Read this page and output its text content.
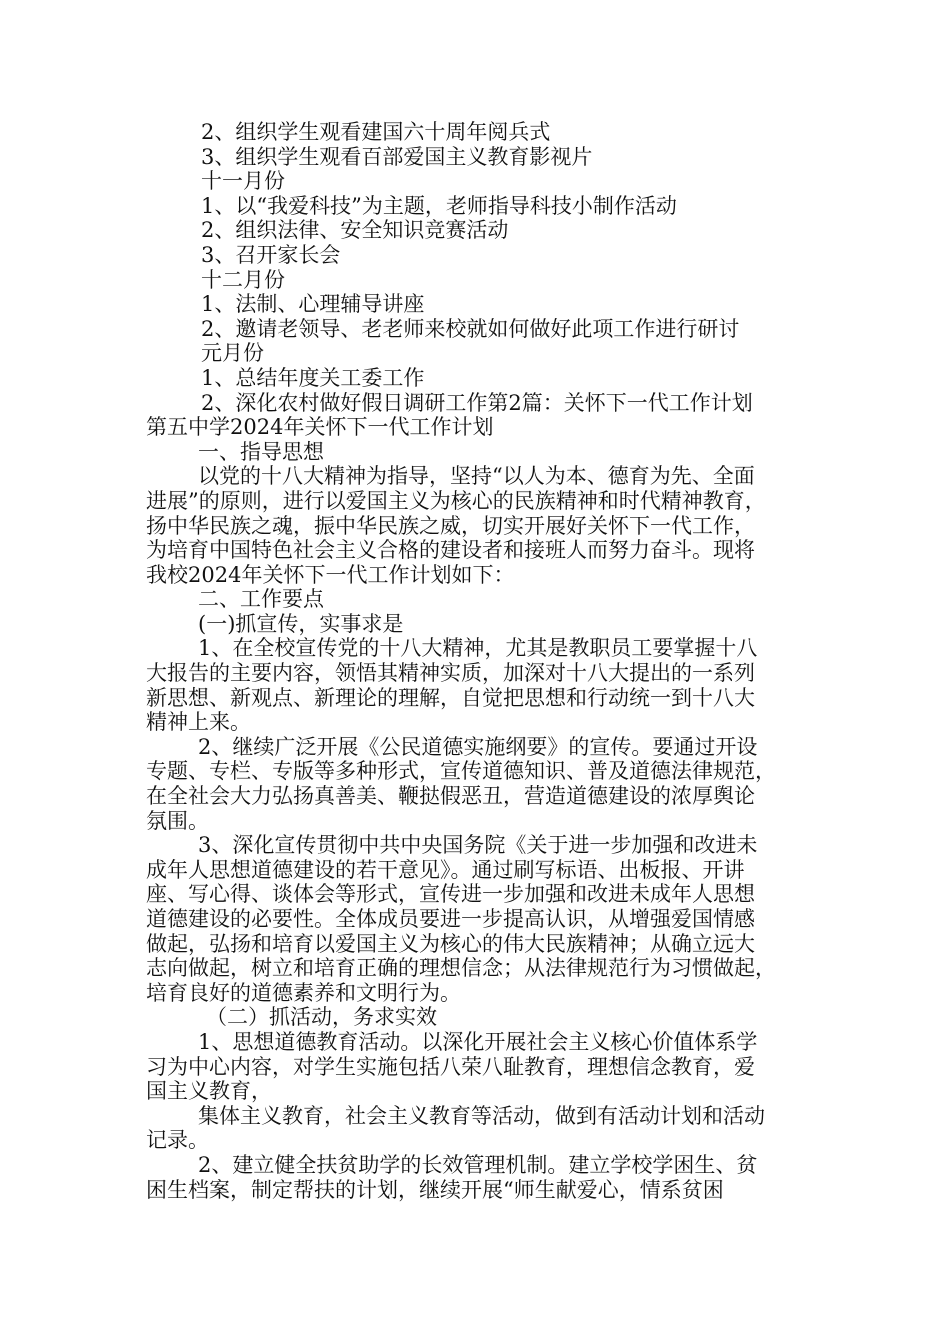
2、组织学生观看建国六十周年阅兵式
3、组织学生观看百部爱国主义教育影视片
十一月份
1、以“我爱科技”为主题，老师指导科技小制作活动
2、组织法律、安全知识竞赛活动
3、召开家长会
十二月份
1、法制、心理辅导讲座
2、邀请老领导、老老师来校就如何做好此项工作进行研讨
元月份
1、总结年度关工委工作
2、深化农村做好假日调研工作第2篇：关怀下一代工作计划
第五中学2024年关怀下一代工作计划
一、指导思想
以党的十八大精神为指导，坚持“以人为本、德育为先、全面
进展”的原则，进行以爱国主义为核心的民族精神和时代精神教育，
扬中华民族之魂，振中华民族之威，切实开展好关怀下一代工作，
为培育中国特色社会主义合格的建设者和接班人而努力奋斗。现将
我校2024年关怀下一代工作计划如下：
二、工作要点
(一)抓宣传，实事求是
1、在全校宣传党的十八大精神，尤其是教职员工要掌握十八
大报告的主要内容，领悟其精神实质，加深对十八大提出的一系列
新思想、新观点、新理论的理解，自觉把思想和行动统一到十八大
精神上来。
2、继续广泛开展《公民道德实施纲要》的宣传。要通过开设
专题、专栏、专版等多种形式，宣传道德知识、普及道德法律规范，
在全社会大力弘扬真善美、鞭挞假恶丑，营造道德建设的浓厚舆论
氛围。
3、深化宣传贯彻中共中央国务院《关于进一步加强和改进未
成年人思想道德建设的若干意见》。通过刷写标语、出板报、开讲
座、写心得、谈体会等形式，宣传进一步加强和改进未成年人思想
道德建设的必要性。全体成员要进一步提高认识，从增强爱国情感
做起，弘扬和培育以爱国主义为核心的伟大民族精神；从确立远大
志向做起，树立和培育正确的理想信念；从法律规范行为习惯做起，
培育良好的道德素养和文明行为。
（二）抓活动，务求实效
1、思想道德教育活动。以深化开展社会主义核心价值体系学
习为中心内容，对学生实施包括八荣八耻教育，理想信念教育，爱
国主义教育，
集体主义教育，社会主义教育等活动，做到有活动计划和活动
记录。
2、建立健全扶贫助学的长效管理机制。建立学校学困生、贫
困生档案，制定帮扶的计划，继续开展“师生献爱心，情系贫困
